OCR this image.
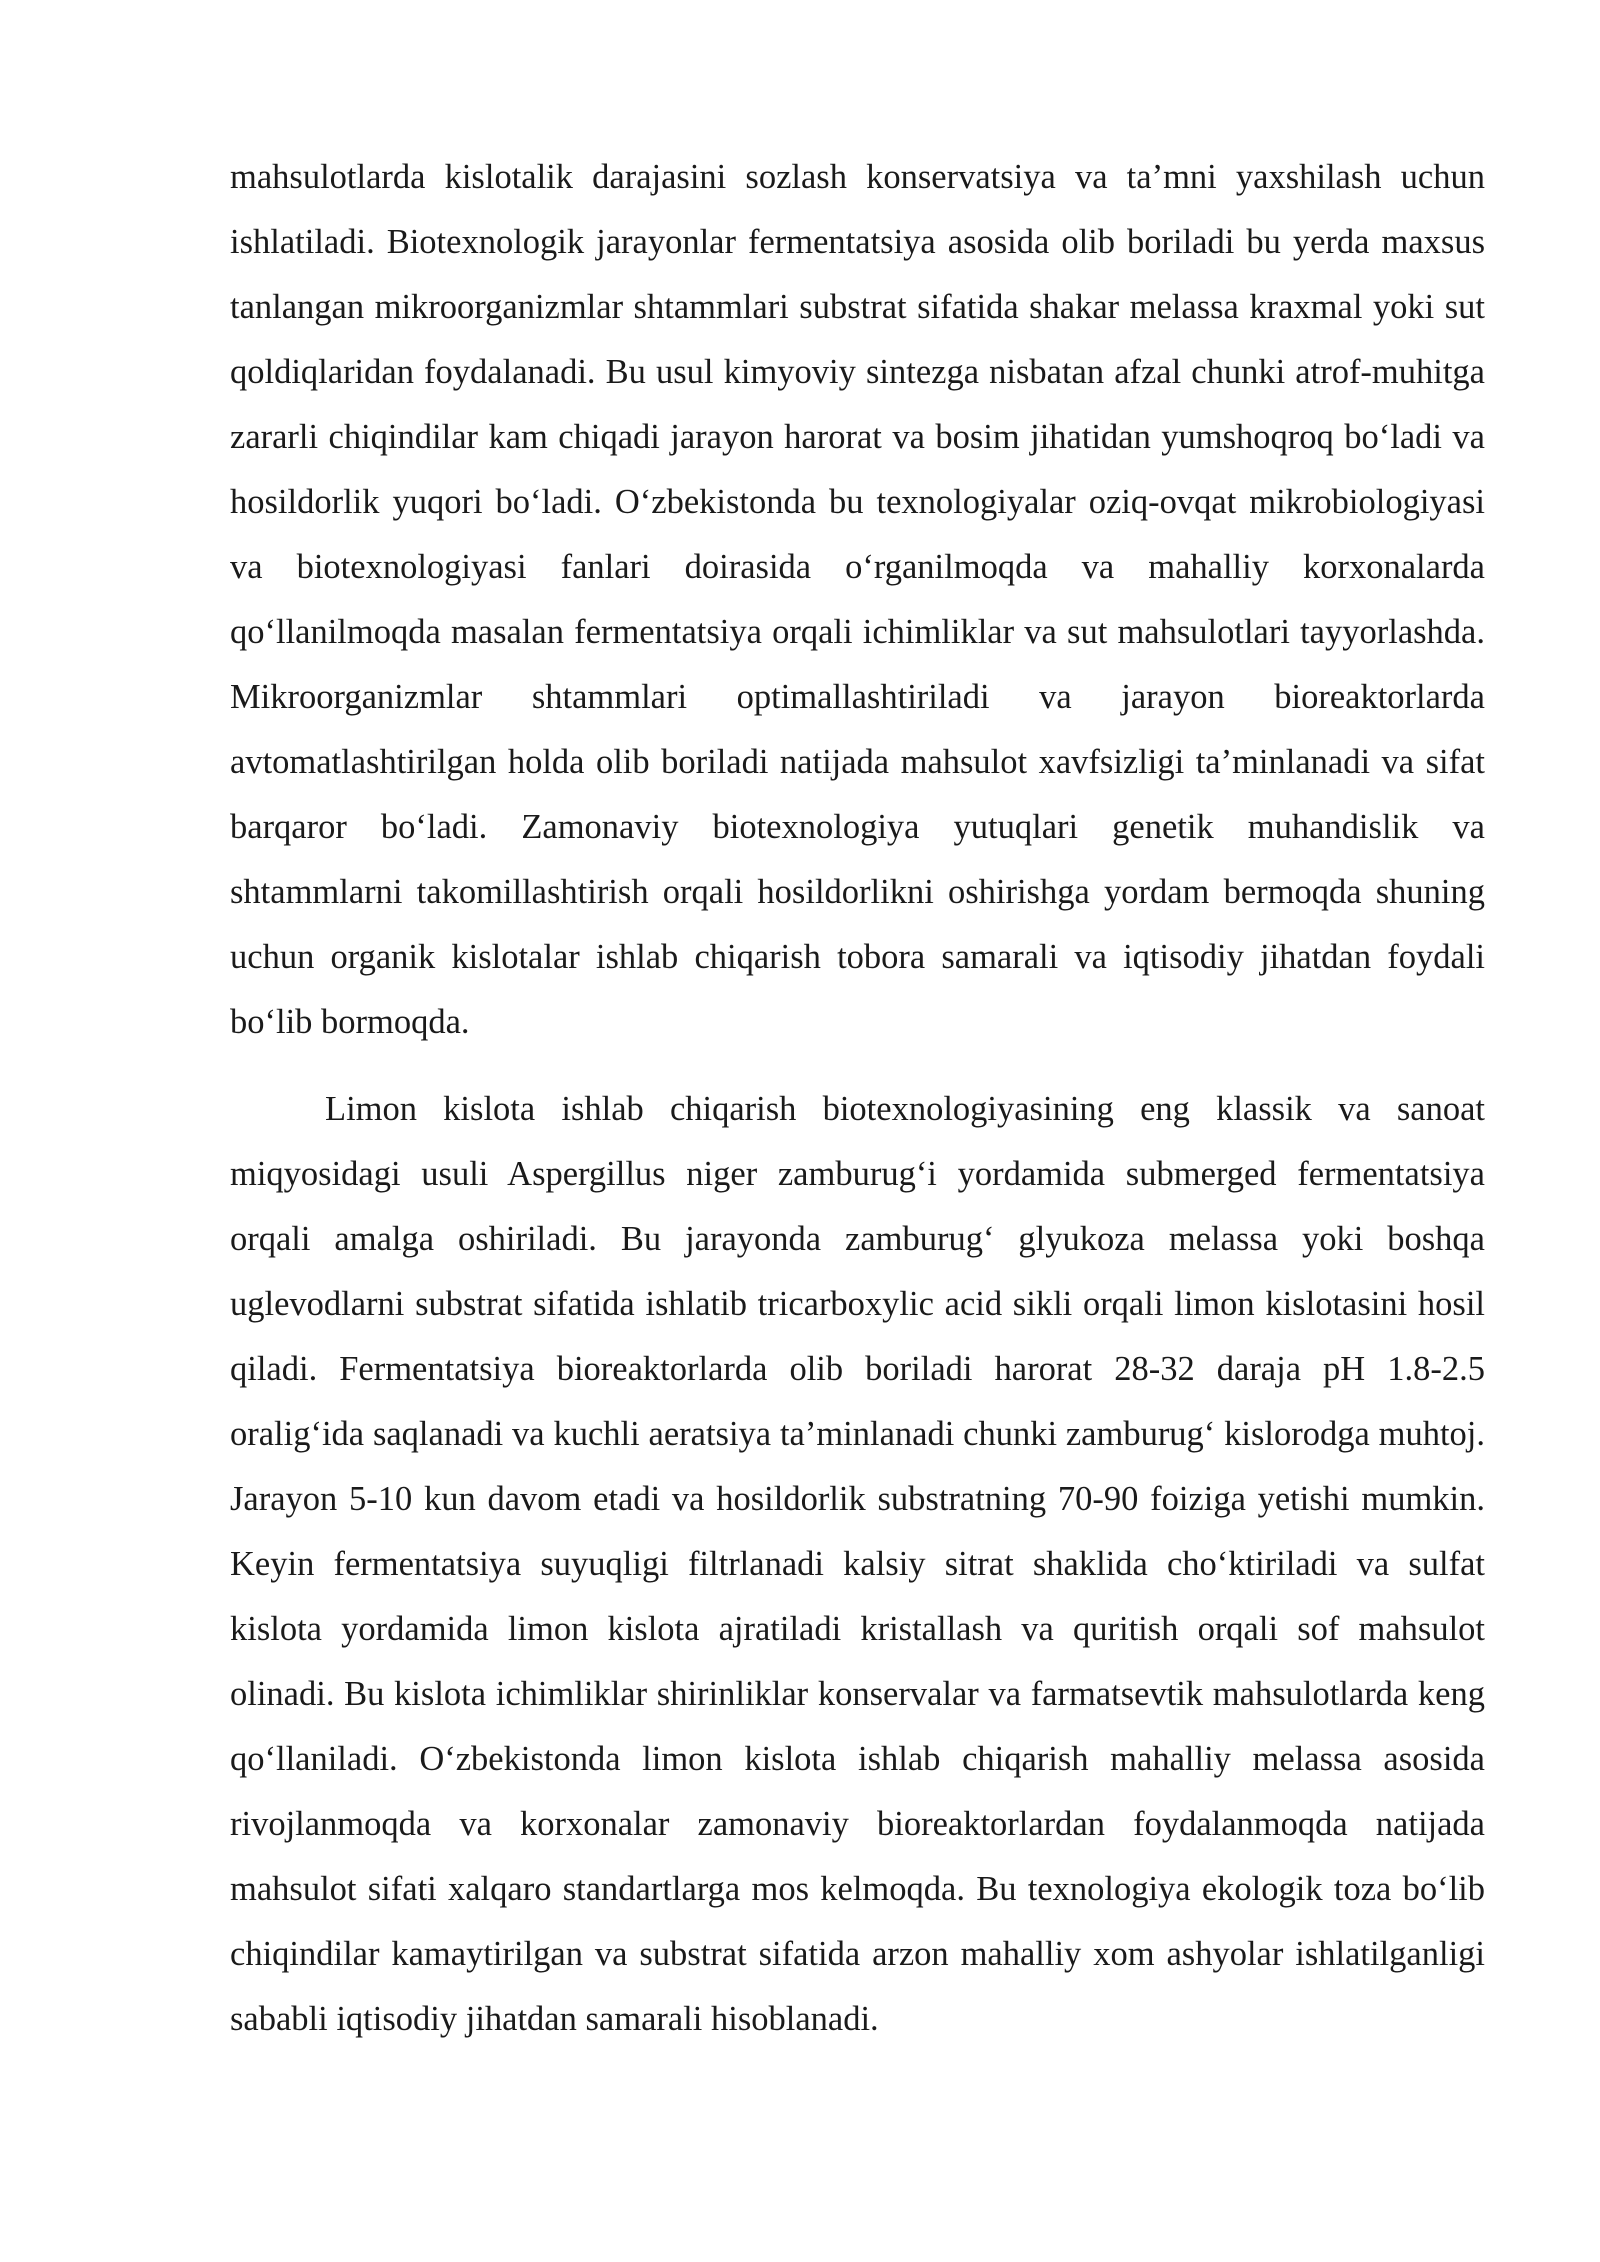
mahsulotlarda kislotalik darajasini sozlash konservatsiya va ta’mni yaxshilash uchun ishlatiladi. Biotexnologik jarayonlar fermentatsiya asosida olib boriladi bu yerda maxsus tanlangan mikroorganizmlar shtammlari substrat sifatida shakar melassa kraxmal yoki sut qoldiqlaridan foydalanadi. Bu usul kimyoviy sintezga nisbatan afzal chunki atrof-muhitga zararli chiqindilar kam chiqadi jarayon harorat va bosim jihatidan yumshoqroq bo‘ladi va hosildorlik yuqori bo‘ladi. O‘zbekistonda bu texnologiyalar oziq-ovqat mikrobiologiyasi va biotexnologiyasi fanlari doirasida o‘rganilmoqda va mahalliy korxonalarda qo‘llanilmoqda masalan fermentatsiya orqali ichimliklar va sut mahsulotlari tayyorlashda. Mikroorganizmlar shtammlari optimallashtiriladi va jarayon bioreaktorlarda avtomatlashtirilgan holda olib boriladi natijada mahsulot xavfsizligi ta’minlanadi va sifat barqaror bo‘ladi. Zamonaviy biotexnologiya yutuqlari genetik muhandislik va shtammlarni takomillashtirish orqali hosildorlikni oshirishga yordam bermoqda shuning uchun organik kislotalar ishlab chiqarish tobora samarali va iqtisodiy jihatdan foydali bo‘lib bormoqda.

Limon kislota ishlab chiqarish biotexnologiyasining eng klassik va sanoat miqyosidagi usuli Aspergillus niger zamburug‘i yordamida submerged fermentatsiya orqali amalga oshiriladi. Bu jarayonda zamburug‘ glyukoza melassa yoki boshqa uglevodlarni substrat sifatida ishlatib tricarboxylic acid sikli orqali limon kislotasini hosil qiladi. Fermentatsiya bioreaktorlarda olib boriladi harorat 28-32 daraja pH 1.8-2.5 oralig‘ida saqlanadi va kuchli aeratsiya ta’minlanadi chunki zamburug‘ kislorodga muhtoj. Jarayon 5-10 kun davom etadi va hosildorlik substratning 70-90 foiziga yetishi mumkin. Keyin fermentatsiya suyuqligi filtrlanadi kalsiy sitrat shaklida cho‘ktiriladi va sulfat kislota yordamida limon kislota ajratiladi kristallash va quritish orqali sof mahsulot olinadi. Bu kislota ichimliklar shirinliklar konservalar va farmatsevtik mahsulotlarda keng qo‘llaniladi. O‘zbekistonda limon kislota ishlab chiqarish mahalliy melassa asosida rivojlanmoqda va korxonalar zamonaviy bioreaktorlardan foydalanmoqda natijada mahsulot sifati xalqaro standartlarga mos kelmoqda. Bu texnologiya ekologik toza bo‘lib chiqindilar kamaytirilgan va substrat sifatida arzon mahalliy xom ashyolar ishlatilganligi sababli iqtisodiy jihatdan samarali hisoblanadi.
